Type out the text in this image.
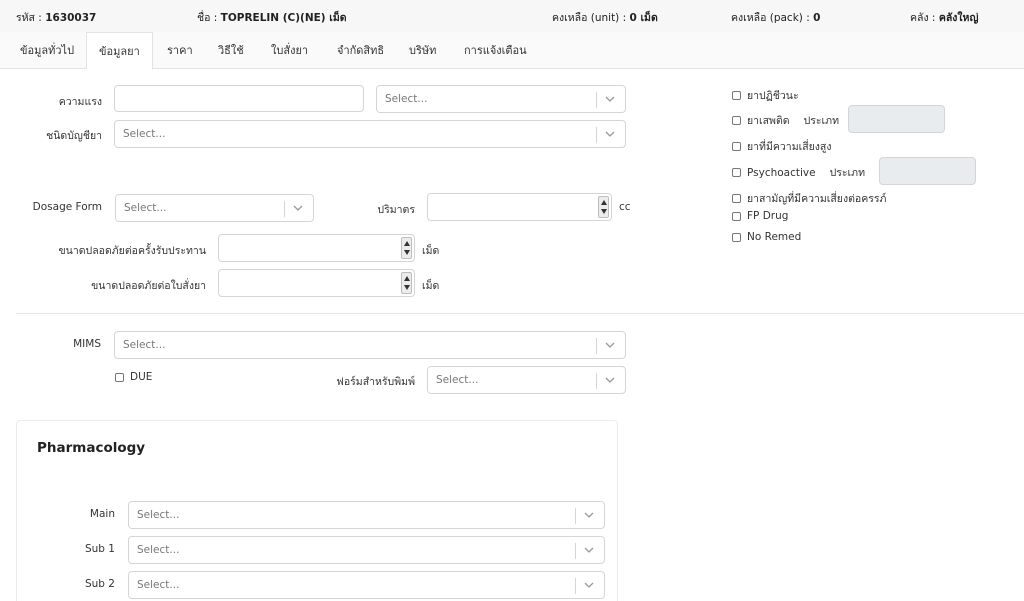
รหัส : 1630037	ชื่อ : TOPRELIN (C)(NE) เม็ด	คงเหลือ (unit) : 0 เม็ด	คงเหลือ (pack) : 0	คลัง : คลังใหญ่
ข้อมูลทั่วไป	ข้อมูลยา	ราคา วิธีใช้ ใบสั่งยา	จำกัดสิทธิ บริษัท	การแจ้งเตือน
ความแรง	Select...
ชนิดบัญชียา Select...
Dosage Form Select...	ปริมาตร	cc
ขนาดปลอดภัยต่อครั้งรับประทาน	เม็ด
ขนาดปลอดภัยต่อใบสั่งยา	เม็ด
ยาปฏิชีวนะ
ยาเสพติด ประเภท
ยาที่มีความเสี่ยงสูง
Psychoactive ประเภท
ยาสามัญที่มีความเสี่ยงต่อครรภ์
FP Drug
No Remed
MIMS Select...
DUE	ฟอร์มสำหรับพิมพ์ Select...
Pharmacology
Main Select...
Sub 1 Select...
Sub 2 Select...
